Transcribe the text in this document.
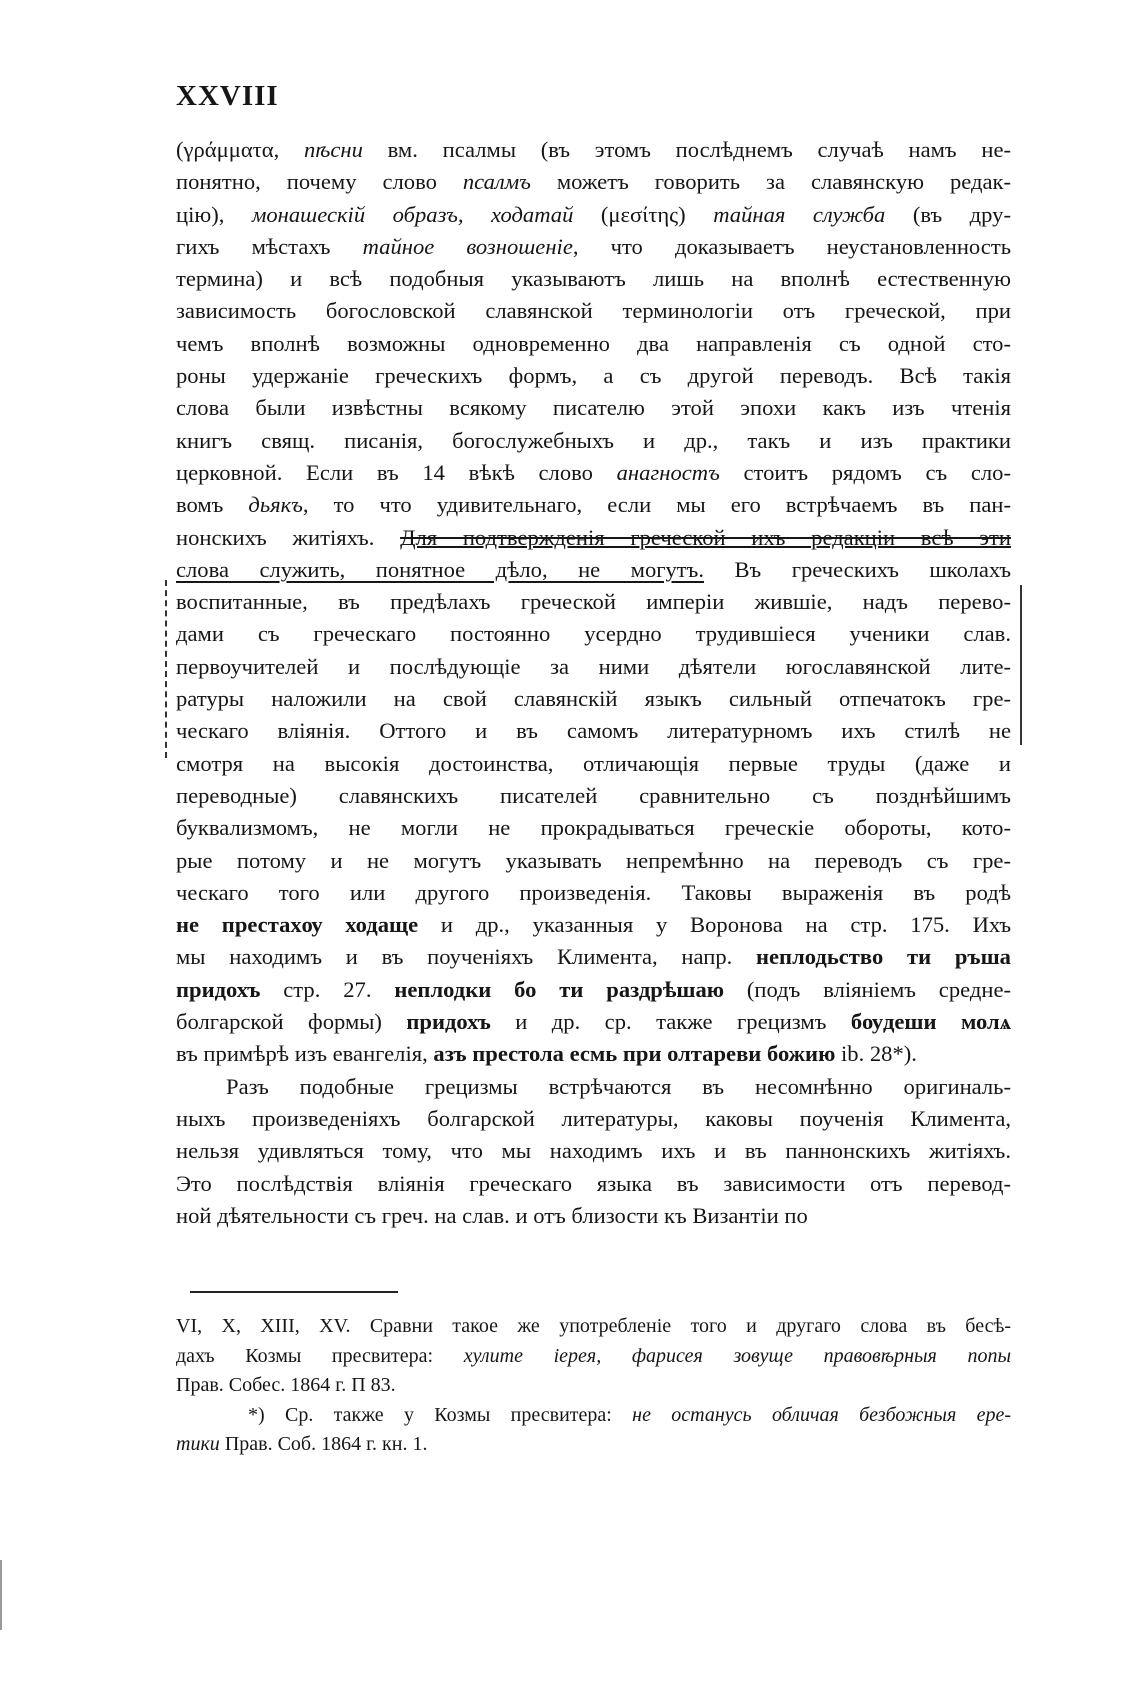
XXVIII
(γράμματα, пѣсни вм. псалмы (въ этомъ послѣднемъ случаѣ намъ не-
понятно, почему слово псалмъ можетъ говорить за славянскую редак-
цію), монашескій образъ, ходатай (μεσίτης) тайная служба (въ дру-
гихъ мѣстахъ тайное возношеніе, что доказываетъ неустановленность
термина) и всѣ подобныя указываютъ лишь на вполнѣ естественную
зависимость богословской славянской терминологіи отъ греческой, при
чемъ вполнѣ возможны одновременно два направленія съ одной сто-
роны удержаніе греческихъ формъ, а съ другой переводъ. Всѣ такія
слова были извѣстны всякому писателю этой эпохи какъ изъ чтенія
книгъ свящ. писанія, богослужебныхъ и др., такъ и изъ практики
церковной. Если въ 14 вѣкѣ слово анагностъ стоитъ рядомъ съ сло-
вомъ дьякъ, то что удивительнаго, если мы его встрѣчаемъ въ пан-
нонскихъ житіяхъ. Для подтвержденія греческой ихъ редакціи всѣ эти
слова служить, понятное дѣло, не могутъ. Въ греческихъ школахъ
воспитанные, въ предѣлахъ греческой имперіи жившіе, надъ перево-
дами съ греческаго постоянно усердно трудившіеся ученики слав.
первоучителей и послѣдующіе за ними дѣятели югославянской лите-
ратуры наложили на свой славянскій языкъ сильный отпечатокъ гре-
ческаго вліянія. Оттого и въ самомъ литературномъ ихъ стилѣ не
смотря на высокія достоинства, отличающія первые труды (даже и
переводные) славянскихъ писателей сравнительно съ позднѣйшимъ
буквализмомъ, не могли не прокрадываться греческіе обороты, кото-
рые потому и не могутъ указывать непремѣнно на переводъ съ гре-
ческаго того или другого произведенія. Таковы выраженія въ родѣ
не престахѹ ходаще и др., указанныя у Воронова на стр. 175. Ихъ
мы находимъ и въ поученіяхъ Климента, напр. неплодьство ти ръша
придохъ стр. 27. неплодки бо ти раздрѣшаю (подъ вліяніемъ средне-
болгарской формы) придохъ и др. ср. также грецизмъ бѹдеши молѧ
въ примѣрѣ изъ евангелія, азъ престола есмь при олтареви божию ib. 28*).
Разъ подобные грецизмы встрѣчаются въ несомнѣнно оригиналь-
ныхъ произведеніяхъ болгарской литературы, каковы поученія Климента,
нельзя удивляться тому, что мы находимъ ихъ и въ паннонскихъ житіяхъ.
Это послѣдствія вліянія греческаго языка въ зависимости отъ перевод-
ной дѣятельности съ греч. на слав. и отъ близости къ Византіи по
VI, X, XIII, XV. Сравни такое же употребленіе того и другаго слова въ бесѣ-
дахъ Козмы пресвитера: хулите іерея, фарисея зовуще правовѣрныя попы
Прав. Собес. 1864 г. П 83.
*) Ср. также у Козмы пресвитера: не останусь обличая безбожныя ере-
тики Прав. Соб. 1864 г. кн. 1.
